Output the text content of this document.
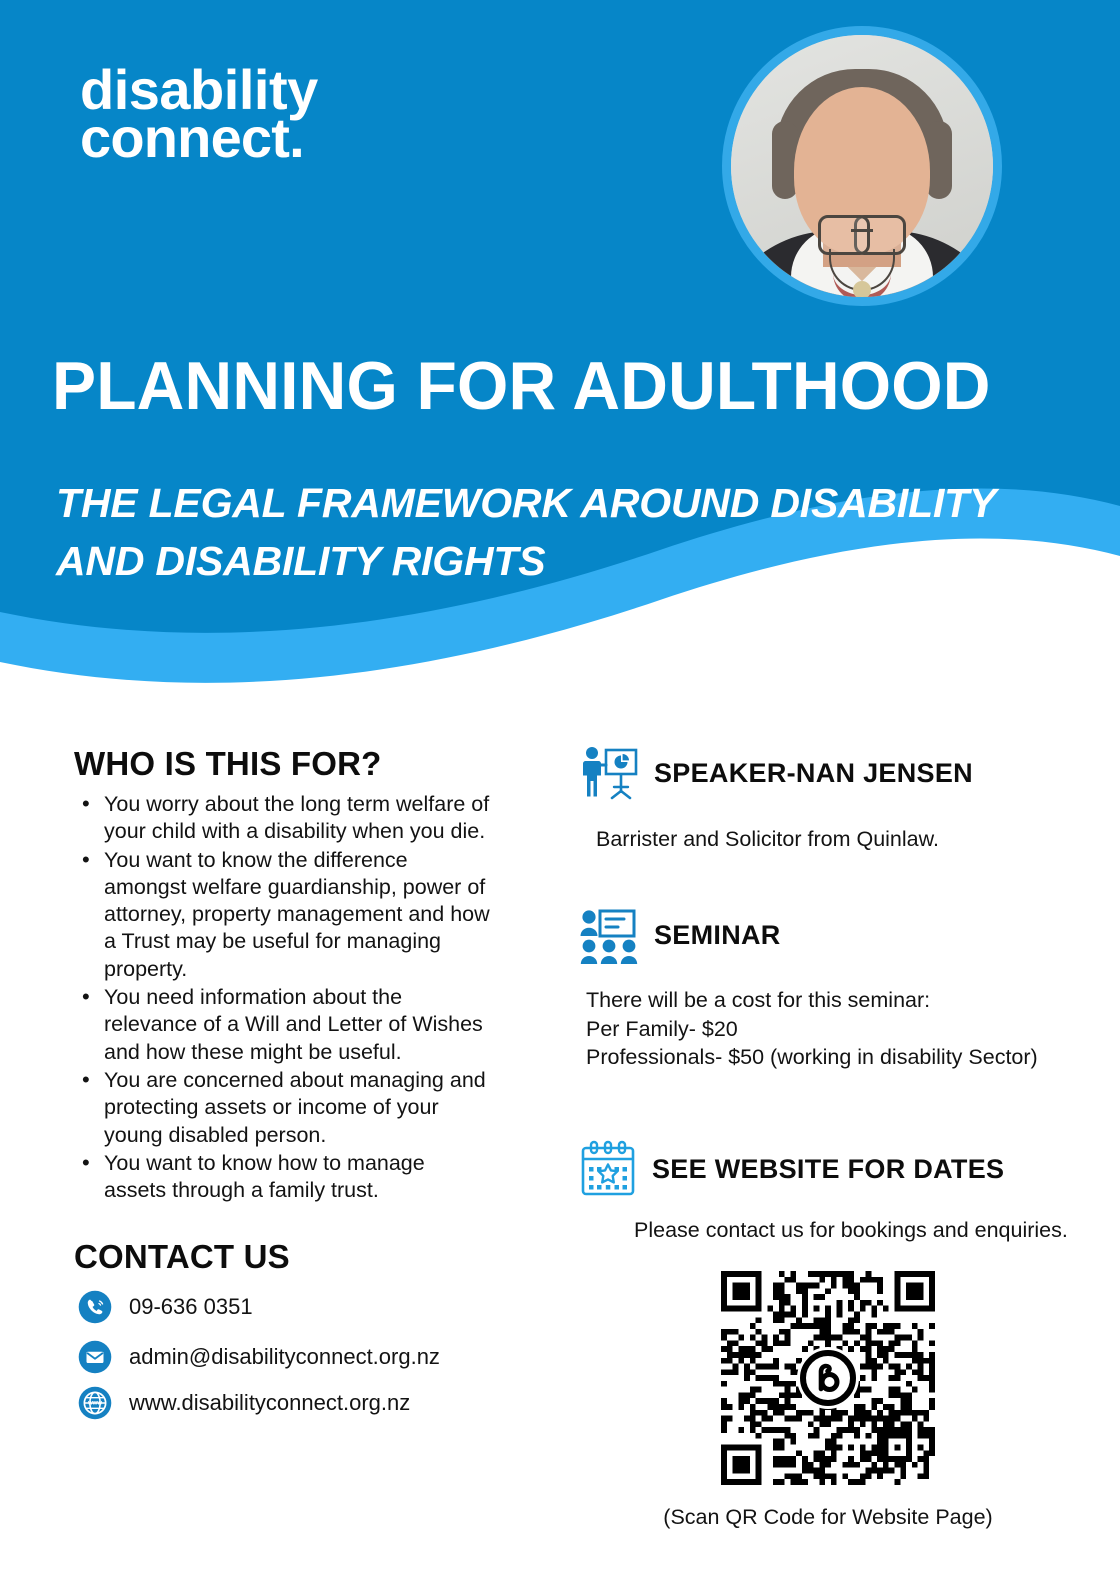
disability
connect.
PLANNING FOR ADULTHOOD
THE LEGAL FRAMEWORK AROUND DISABILITY
AND DISABILITY RIGHTS
WHO IS THIS FOR?
• You worry about the long term welfare of your child with a disability when you die.
• You want to know the difference amongst welfare guardianship, power of attorney, property management and how a Trust may be useful for managing property.
• You need information about the relevance of a Will and Letter of Wishes and how these might be useful.
• You are concerned about managing and protecting assets or income of your young disabled person.
• You want to know how to manage assets through a family trust.
CONTACT US
09-636 0351
admin@disabilityconnect.org.nz
www www.disabilityconnect.org.nz
SPEAKER-NAN JENSEN
Barrister and Solicitor from Quinlaw.
SEMINAR
There will be a cost for this seminar:
Per Family- $20
Professionals- $50 (working in disability Sector)
SEE WEBSITE FOR DATES
Please contact us for bookings and enquiries.
(Scan QR Code for Website Page)
